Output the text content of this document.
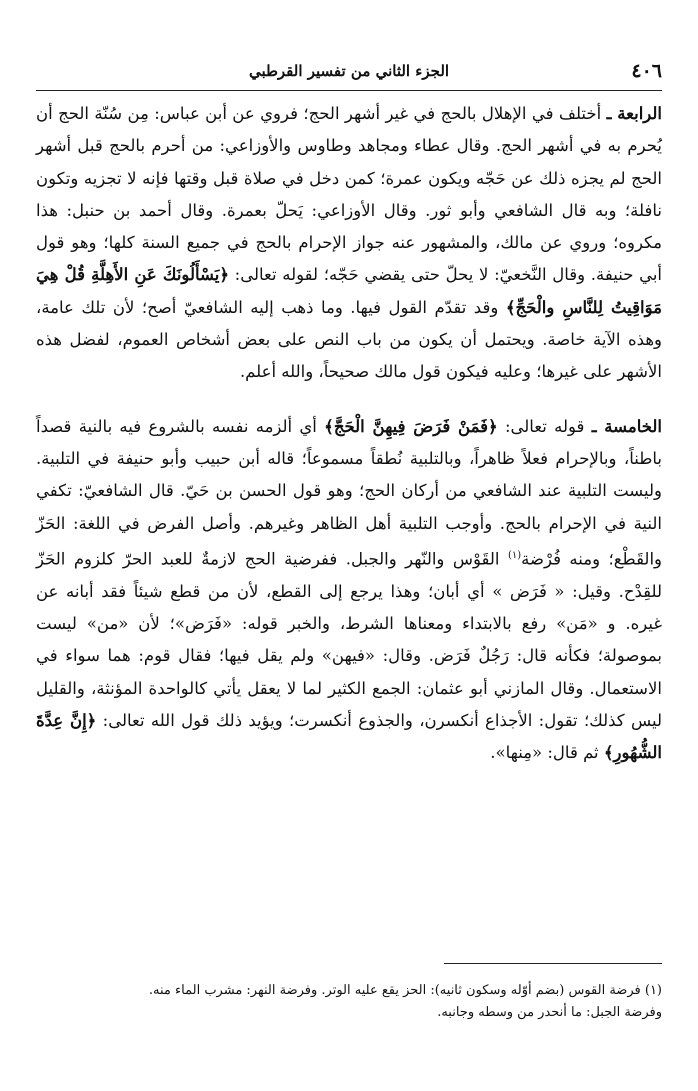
٤٠٦
الجزء الثاني من تفسير القرطبي

الرابعة ـ أختلف في الإهلال بالحج في غير أشهر الحج؛ فروي عن أبن عباس: مِن سُنّة الحج أن يُحرم به في أشهر الحج. وقال عطاء ومجاهد وطاوس والأوزاعي: من أحرم بالحج قبل أشهر الحج لم يجزه ذلك عن حَجّه ويكون عمرة؛ كمن دخل في صلاة قبل وقتها فإنه لا تجزيه وتكون نافلة؛ وبه قال الشافعي وأبو ثور. وقال الأوزاعي: يَحلّ بعمرة. وقال أحمد بن حنبل: هذا مكروه؛ وروي عن مالك، والمشهور عنه جواز الإحرام بالحج في جميع السنة كلها؛ وهو قول أبي حنيفة. وقال النَّخعيّ: لا يحلّ حتى يقضي حَجّه؛ لقوله تعالى: ﴿يَسْأَلُونَكَ عَنِ الأَهِلَّةِ قُلْ هِيَ مَوَاقِيتُ لِلنَّاسِ والْحَجِّ﴾ وقد تقدّم القول فيها. وما ذهب إليه الشافعيّ أصح؛ لأن تلك عامة، وهذه الآية خاصة. ويحتمل أن يكون من باب النص على بعض أشخاص العموم، لفضل هذه الأشهر على غيرها؛ وعليه فيكون قول مالك صحيحاً، والله أعلم.

الخامسة ـ قوله تعالى: ﴿فَمَنْ فَرَضَ فِيهِنَّ الْحَجَّ﴾ أي ألزمه نفسه بالشروع فيه بالنية قصداً باطناً، وبالإحرام فعلاً ظاهراً، وبالتلبية نُطقاً مسموعاً؛ قاله أبن حبيب وأبو حنيفة في التلبية. وليست التلبية عند الشافعي من أركان الحج؛ وهو قول الحسن بن حَيّ. قال الشافعيّ: تكفي النية في الإحرام بالحج. وأوجب التلبية أهل الظاهر وغيرهم. وأصل الفرض في اللغة: الحَزّ والقَطْع؛ ومنه فُرْضة$^{(١)}$ القَوْس والنّهر والجبل. ففرضية الحج لازمةٌ للعبد الحرّ كلزوم الحَزّ للقِدْح. وقيل: « فَرَض » أي أبان؛ وهذا يرجع إلى القطع، لأن من قطع شيئاً فقد أبانه عن غيره. و «مَن» رفع بالابتداء ومعناها الشرط، والخبر قوله: «فَرَض»؛ لأن «من» ليست بموصولة؛ فكأنه قال: رَجُلٌ فَرَض. وقال: «فيهن» ولم يقل فيها؛ فقال قوم: هما سواء في الاستعمال. وقال المازني أبو عثمان: الجمع الكثير لما لا يعقل يأتي كالواحدة المؤنثة، والقليل ليس كذلك؛ تقول: الأجذاع أنكسرن، والجذوع أنكسرت؛ ويؤيد ذلك قول الله تعالى: ﴿إِنَّ عِدَّةَ الشُّهُورِ﴾ ثم قال: «مِنها».

(١) فرضة القوس (بضم أوّله وسكون ثانيه): الحز يقع عليه الوتر. وفرضة النهر: مشرب الماء منه.

وفرضة الجبل: ما أنحدر من وسطه وجانبه.
